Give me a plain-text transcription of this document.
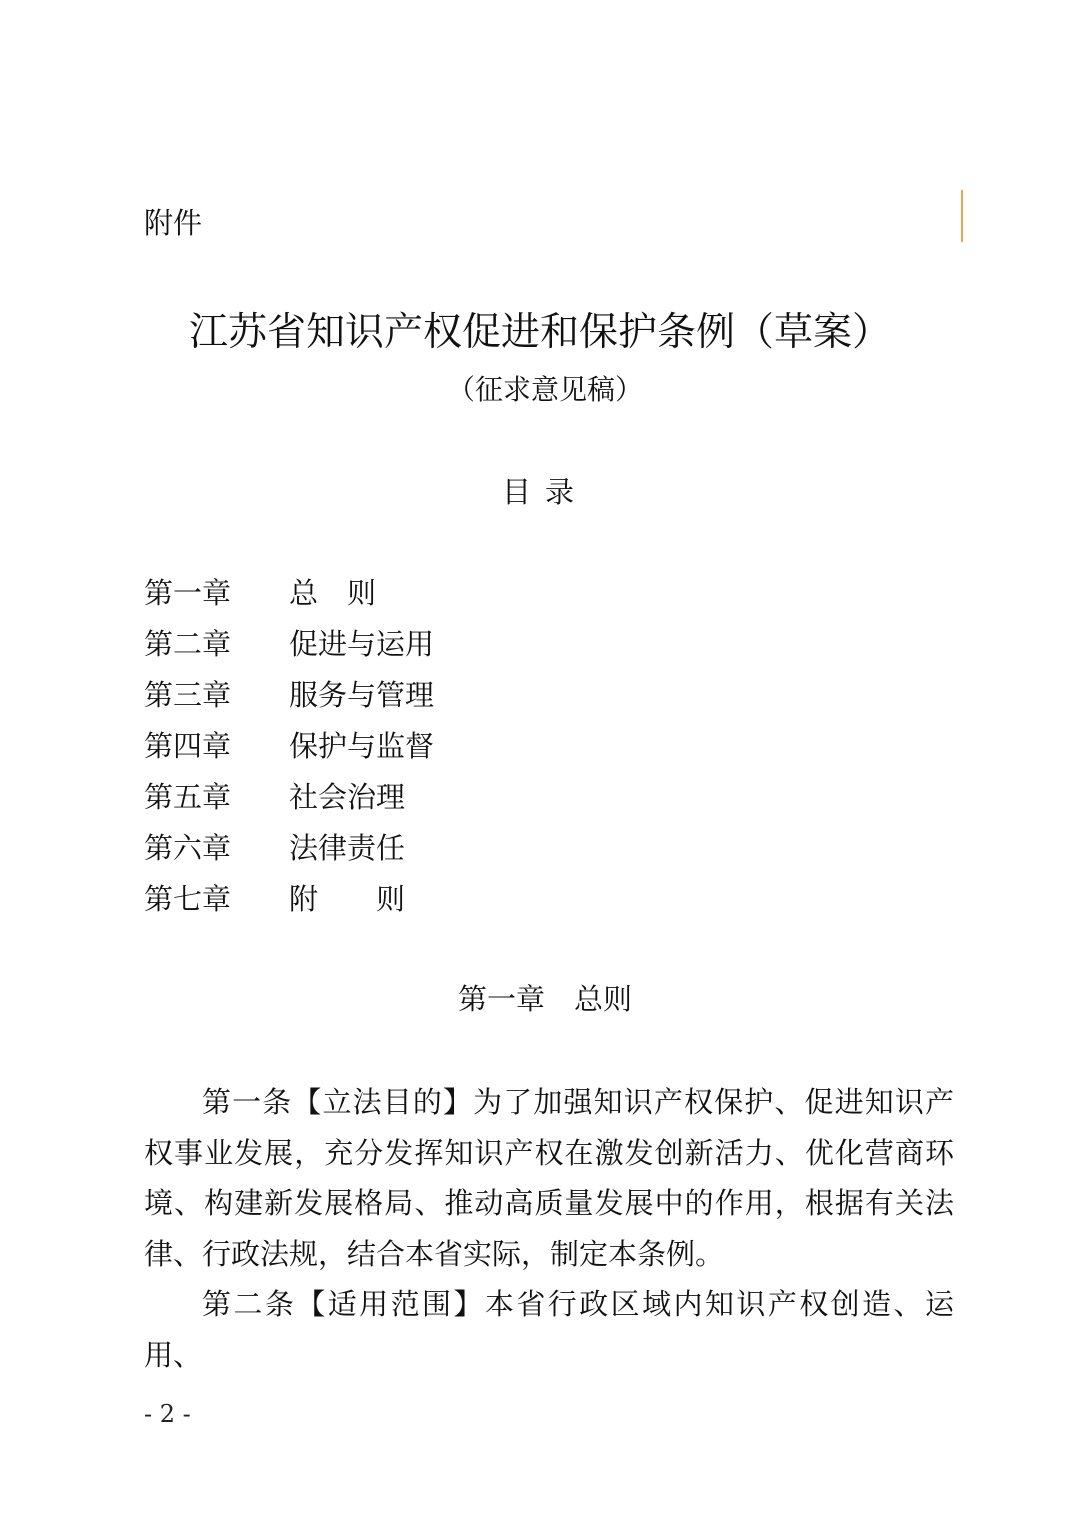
附件
江苏省知识产权促进和保护条例（草案）
（征求意见稿）
目录
第一章	总　则
第二章	促进与运用
第三章	服务与管理
第四章	保护与监督
第五章	社会治理
第六章	法律责任
第七章	附　　则
第一章　总则

第一条【立法目的】为了加强知识产权保护、促进知识产权事业发展，充分发挥知识产权在激发创新活力、优化营商环境、构建新发展格局、推动高质量发展中的作用，根据有关法律、行政法规，结合本省实际，制定本条例。

第二条【适用范围】本省行政区域内知识产权创造、运用、

- 2 -
